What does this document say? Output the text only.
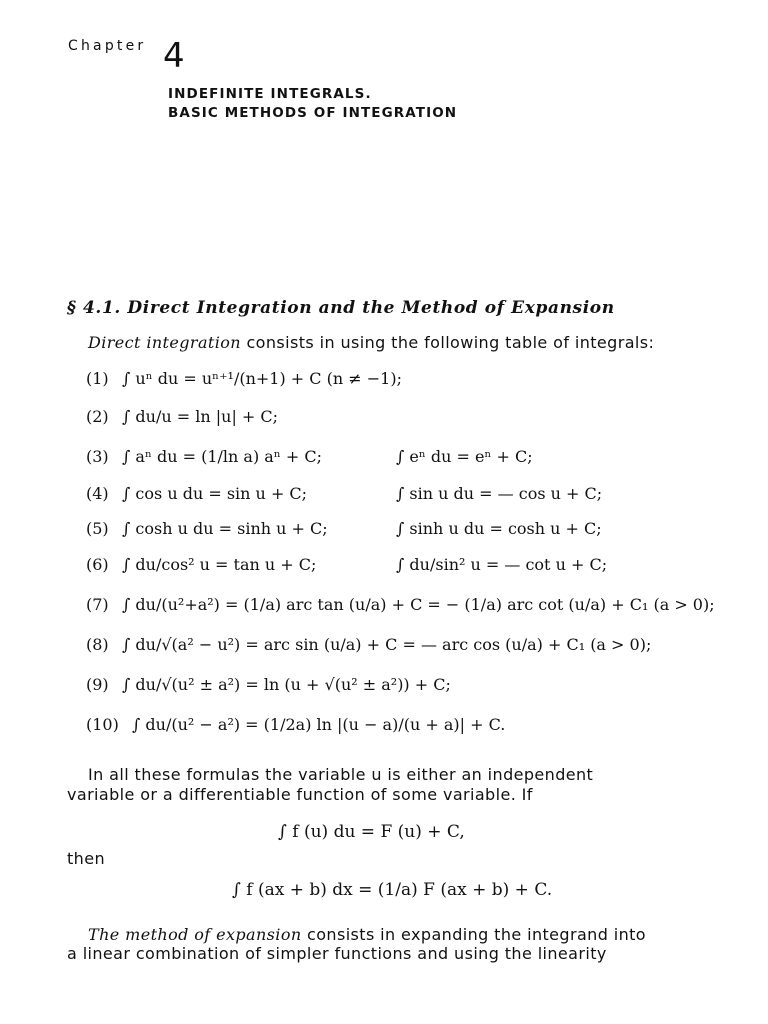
Chapter 4
INDEFINITE INTEGRALS.
BASIC METHODS OF INTEGRATION
§ 4.1. Direct Integration and the Method of Expansion
Direct integration consists in using the following table of integrals:
(1) ∫ uⁿ du = uⁿ⁺¹/(n+1) + C (n ≠ −1);
(2) ∫ du/u = ln |u| + C;
(3) ∫ aⁿ du = (1/ln a) aⁿ + C;	∫ eⁿ du = eⁿ + C;
(4) ∫ cos u du = sin u + C;	∫ sin u du = — cos u + C;
(5) ∫ cosh u du = sinh u + C;	∫ sinh u du = cosh u + C;
(6) ∫ du/cos² u = tan u + C;	∫ du/sin² u = — cot u + C;
(7) ∫ du/(u²+a²) = (1/a) arc tan (u/a) + C = − (1/a) arc cot (u/a) + C₁ (a > 0);
(8) ∫ du/√(a² − u²) = arc sin (u/a) + C = — arc cos (u/a) + C₁ (a > 0);
(9) ∫ du/√(u² ± a²) = ln (u + √(u² ± a²)) + C;
(10) ∫ du/(u² − a²) = (1/2a) ln |(u − a)/(u + a)| + C.
In all these formulas the variable u is either an independent
variable or a differentiable function of some variable. If
∫ f (u) du = F (u) + C,
then
∫ f (ax + b) dx = (1/a) F (ax + b) + C.
The method of expansion consists in expanding the integrand into
a linear combination of simpler functions and using the linearity
